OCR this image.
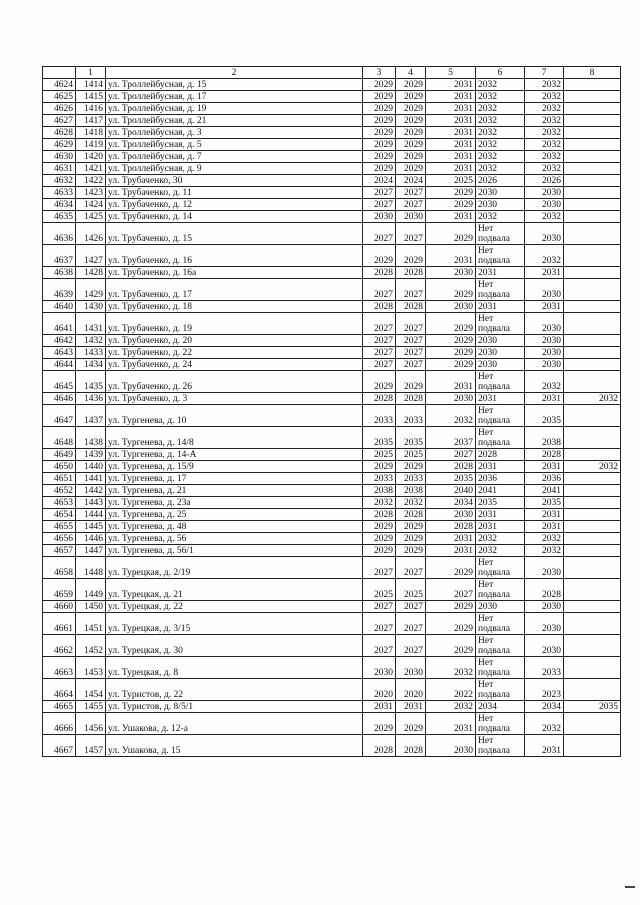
	1	2	3	4	5	6	7	8
4624	1414	ул. Троллейбусная, д. 15	2029	2029	2031	2032	2032	
4625	1415	ул. Троллейбусная, д. 17	2029	2029	2031	2032	2032	
4626	1416	ул. Троллейбусная, д. 19	2029	2029	2031	2032	2032	
4627	1417	ул. Троллейбусная, д. 21	2029	2029	2031	2032	2032	
4628	1418	ул. Троллейбусная, д. 3	2029	2029	2031	2032	2032	
4629	1419	ул. Троллейбусная, д. 5	2029	2029	2031	2032	2032	
4630	1420	ул. Троллейбусная, д. 7	2029	2029	2031	2032	2032	
4631	1421	ул. Троллейбусная, д. 9	2029	2029	2031	2032	2032	
4632	1422	ул. Трубаченко, 30	2024	2024	2025	2026	2026	
4633	1423	ул. Трубаченко, д. 11	2027	2027	2029	2030	2030	
4634	1424	ул. Трубаченко, д. 12	2027	2027	2029	2030	2030	
4635	1425	ул. Трубаченко, д. 14	2030	2030	2031	2032	2032	
4636	1426	ул. Трубаченко, д. 15	2027	2027	2029	Нет подвала	2030	
4637	1427	ул. Трубаченко, д. 16	2029	2029	2031	Нет подвала	2032	
4638	1428	ул. Трубаченко, д. 16а	2028	2028	2030	2031	2031	
4639	1429	ул. Трубаченко, д. 17	2027	2027	2029	Нет подвала	2030	
4640	1430	ул. Трубаченко, д. 18	2028	2028	2030	2031	2031	
4641	1431	ул. Трубаченко, д. 19	2027	2027	2029	Нет подвала	2030	
4642	1432	ул. Трубаченко, д. 20	2027	2027	2029	2030	2030	
4643	1433	ул. Трубаченко, д. 22	2027	2027	2029	2030	2030	
4644	1434	ул. Трубаченко, д. 24	2027	2027	2029	2030	2030	
4645	1435	ул. Трубаченко, д. 26	2029	2029	2031	Нет подвала	2032	
4646	1436	ул. Трубаченко, д. 3	2028	2028	2030	2031	2031	2032
4647	1437	ул. Тургенева, д. 10	2033	2033	2032	Нет подвала	2035	
4648	1438	ул. Тургенева, д. 14/8	2035	2035	2037	Нет подвала	2038	
4649	1439	ул. Тургенева, д. 14-А	2025	2025	2027	2028	2028	
4650	1440	ул. Тургенева, д. 15/9	2029	2029	2028	2031	2031	2032
4651	1441	ул. Тургенева, д. 17	2033	2033	2035	2036	2036	
4652	1442	ул. Тургенева, д. 21	2038	2038	2040	2041	2041	
4653	1443	ул. Тургенева, д. 23а	2032	2032	2034	2035	2035	
4654	1444	ул. Тургенева, д. 25	2028	2028	2030	2031	2031	
4655	1445	ул. Тургенева, д. 48	2029	2029	2028	2031	2031	
4656	1446	ул. Тургенева, д. 56	2029	2029	2031	2032	2032	
4657	1447	ул. Тургенева, д. 56/1	2029	2029	2031	2032	2032	
4658	1448	ул. Турецкая, д. 2/19	2027	2027	2029	Нет подвала	2030	
4659	1449	ул. Турецкая, д. 21	2025	2025	2027	Нет подвала	2028	
4660	1450	ул. Турецкая, д. 22	2027	2027	2029	2030	2030	
4661	1451	ул. Турецкая, д. 3/15	2027	2027	2029	Нет подвала	2030	
4662	1452	ул. Турецкая, д. 30	2027	2027	2029	Нет подвала	2030	
4663	1453	ул. Турецкая, д. 8	2030	2030	2032	Нет подвала	2033	
4664	1454	ул. Туристов, д. 22	2020	2020	2022	Нет подвала	2023	
4665	1455	ул. Туристов, д. 8/5/1	2031	2031	2032	2034	2034	2035
4666	1456	ул. Ушакова, д. 12-а	2029	2029	2031	Нет подвала	2032	
4667	1457	ул. Ушакова, д. 15	2028	2028	2030	Нет подвала	2031	
